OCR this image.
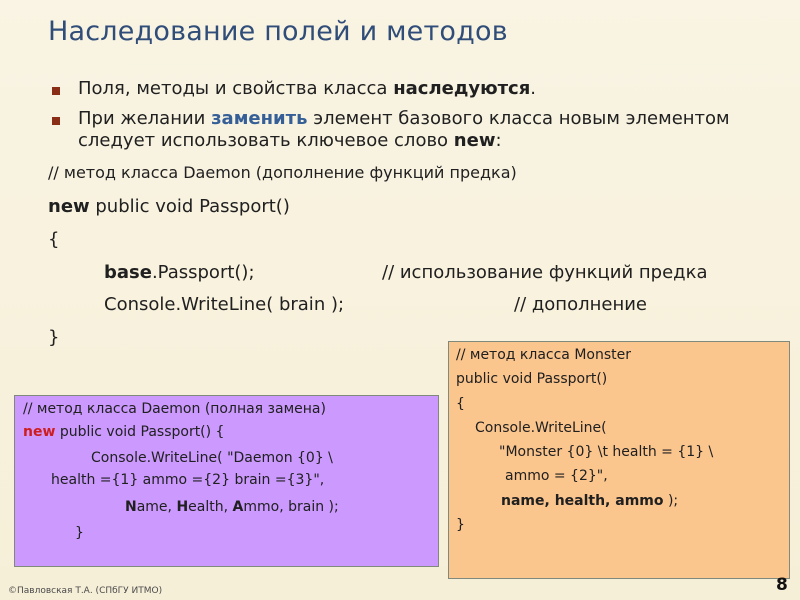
Наследование полей и методов
Поля, методы и свойства класса наследуются.
При желании заменить элемент базового класса новым элементом следует использовать ключевое слово new:
// метод класса Daemon (дополнение функций предка)
new public void Passport()
{
base.Passport();	// использование функций предка
Console.WriteLine( brain );	// дополнение
}
// метод класса Daemon (полная замена)
new public void Passport() {
Console.WriteLine( "Daemon {0} \
health ={1} ammo ={2} brain ={3}",
Name, Health, Ammo, brain );
}
// метод класса Monster
public void Passport()
{
Console.WriteLine(
"Monster {0} \t health = {1} \
ammo = {2}",
name, health, ammo );
}
©Павловская Т.А. (СПбГУ ИТМО)	8
